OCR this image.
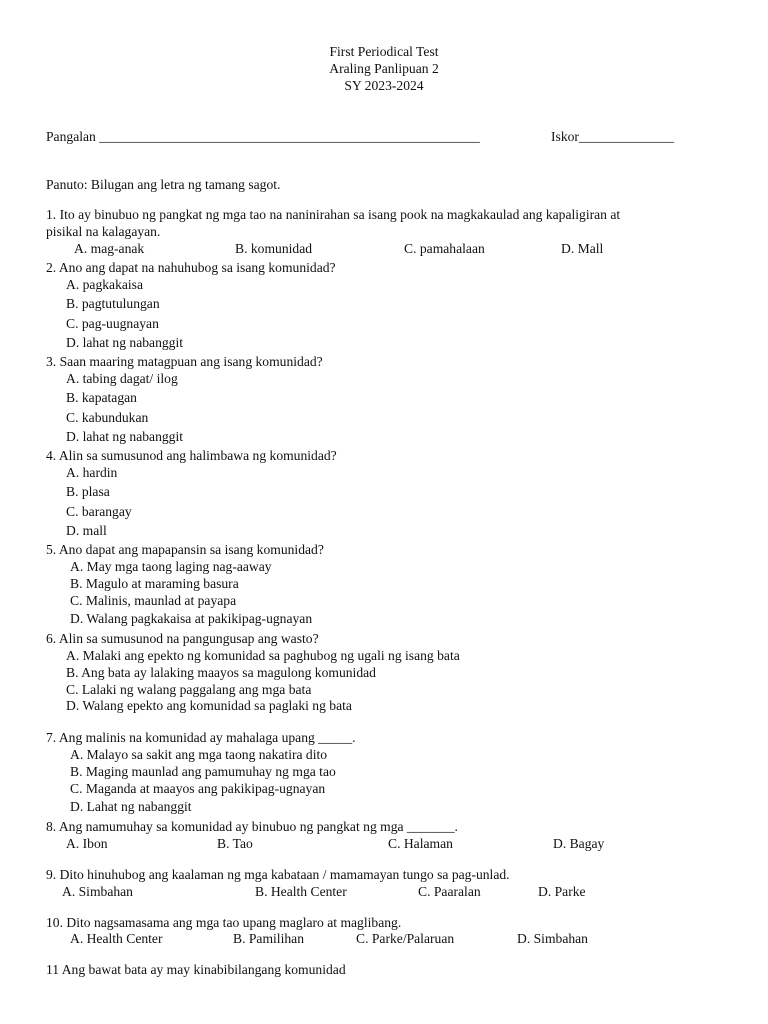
First Periodical Test
Araling Panlipuan 2
SY 2023-2024
Pangalan ________________________________________________________	Iskor______________
Panuto: Bilugan ang letra ng tamang sagot.
1. Ito ay binubuo ng pangkat ng mga tao na naninirahan sa isang pook na magkakaulad ang kapaligiran at
pisikal na kalagayan.
A. mag-anak	B. komunidad	C. pamahalaan	D. Mall
2. Ano ang dapat na nahuhubog sa isang komunidad?
A. pagkakaisa
B. pagtutulungan
C. pag-uugnayan
D. lahat ng nabanggit
3. Saan maaring matagpuan ang isang komunidad?
A. tabing dagat/ ilog
B. kapatagan
C. kabundukan
D. lahat ng nabanggit
4. Alin sa sumusunod ang halimbawa ng komunidad?
A. hardin
B. plasa
C. barangay
D. mall
5. Ano dapat ang mapapansin sa isang komunidad?
A. May mga taong laging nag-aaway
B. Magulo at maraming basura
C. Malinis, maunlad at payapa
D. Walang pagkakaisa at pakikipag-ugnayan
6. Alin sa sumusunod na pangungusap ang wasto?
A. Malaki ang epekto ng komunidad sa paghubog ng ugali ng isang bata
B. Ang bata ay lalaking maayos sa magulong komunidad
C. Lalaki ng walang paggalang ang mga bata
D. Walang epekto ang komunidad sa paglaki ng bata
7. Ang malinis na komunidad ay mahalaga upang _____.
A. Malayo sa sakit ang mga taong nakatira dito
B. Maging maunlad ang pamumuhay ng mga tao
C. Maganda at maayos ang pakikipag-ugnayan
D. Lahat ng nabanggit
8. Ang namumuhay sa komunidad ay binubuo ng pangkat ng mga _______.
A. Ibon	B. Tao	C. Halaman	D. Bagay
9. Dito hinuhubog ang kaalaman ng mga kabataan / mamamayan tungo sa pag-unlad.
A. Simbahan	B. Health Center	C. Paaralan	D. Parke
10. Dito nagsamasama ang mga tao upang maglaro at maglibang.
A. Health Center	B. Pamilihan	C. Parke/Palaruan	D. Simbahan
11 Ang bawat bata ay may kinabibilangang komunidad
